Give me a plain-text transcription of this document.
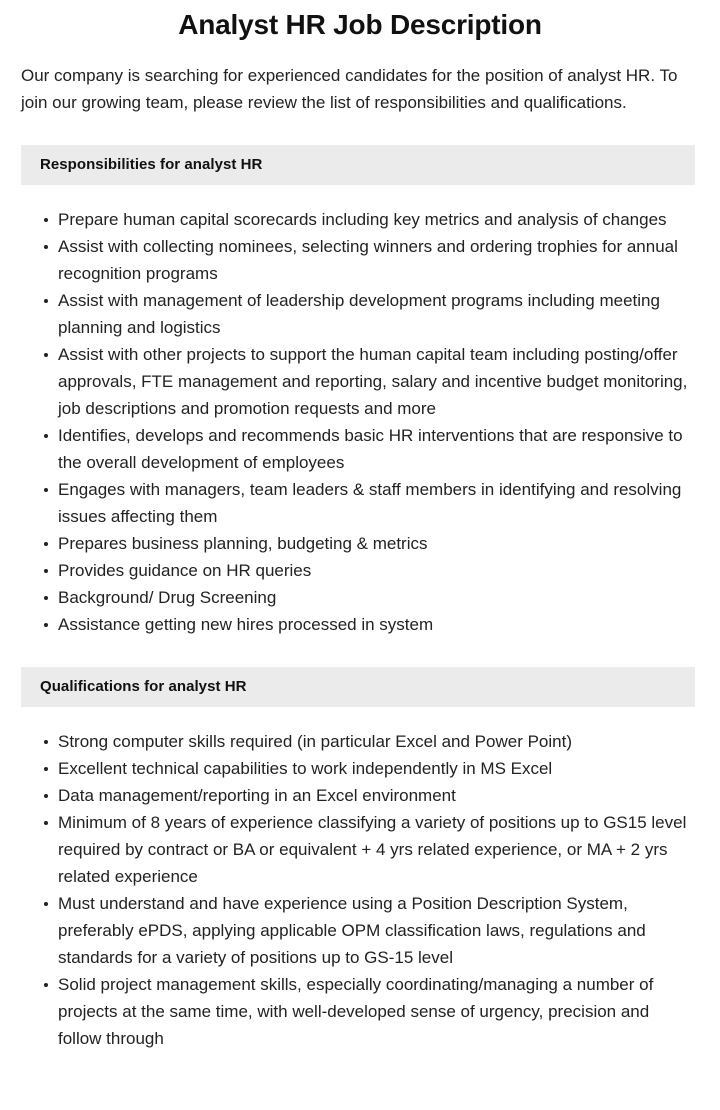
Analyst HR Job Description

Our company is searching for experienced candidates for the position of analyst HR. To join our growing team, please review the list of responsibilities and qualifications.

Responsibilities for analyst HR
Prepare human capital scorecards including key metrics and analysis of changes
Assist with collecting nominees, selecting winners and ordering trophies for annual recognition programs
Assist with management of leadership development programs including meeting planning and logistics
Assist with other projects to support the human capital team including posting/offer approvals, FTE management and reporting, salary and incentive budget monitoring, job descriptions and promotion requests and more
Identifies, develops and recommends basic HR interventions that are responsive to the overall development of employees
Engages with managers, team leaders & staff members in identifying and resolving issues affecting them
Prepares business planning, budgeting & metrics
Provides guidance on HR queries
Background/ Drug Screening
Assistance getting new hires processed in system
Qualifications for analyst HR
Strong computer skills required (in particular Excel and Power Point)
Excellent technical capabilities to work independently in MS Excel
Data management/reporting in an Excel environment
Minimum of 8 years of experience classifying a variety of positions up to GS15 level required by contract or BA or equivalent + 4 yrs related experience, or MA + 2 yrs related experience
Must understand and have experience using a Position Description System, preferably ePDS, applying applicable OPM classification laws, regulations and standards for a variety of positions up to GS-15 level
Solid project management skills, especially coordinating/managing a number of projects at the same time, with well-developed sense of urgency, precision and follow through
